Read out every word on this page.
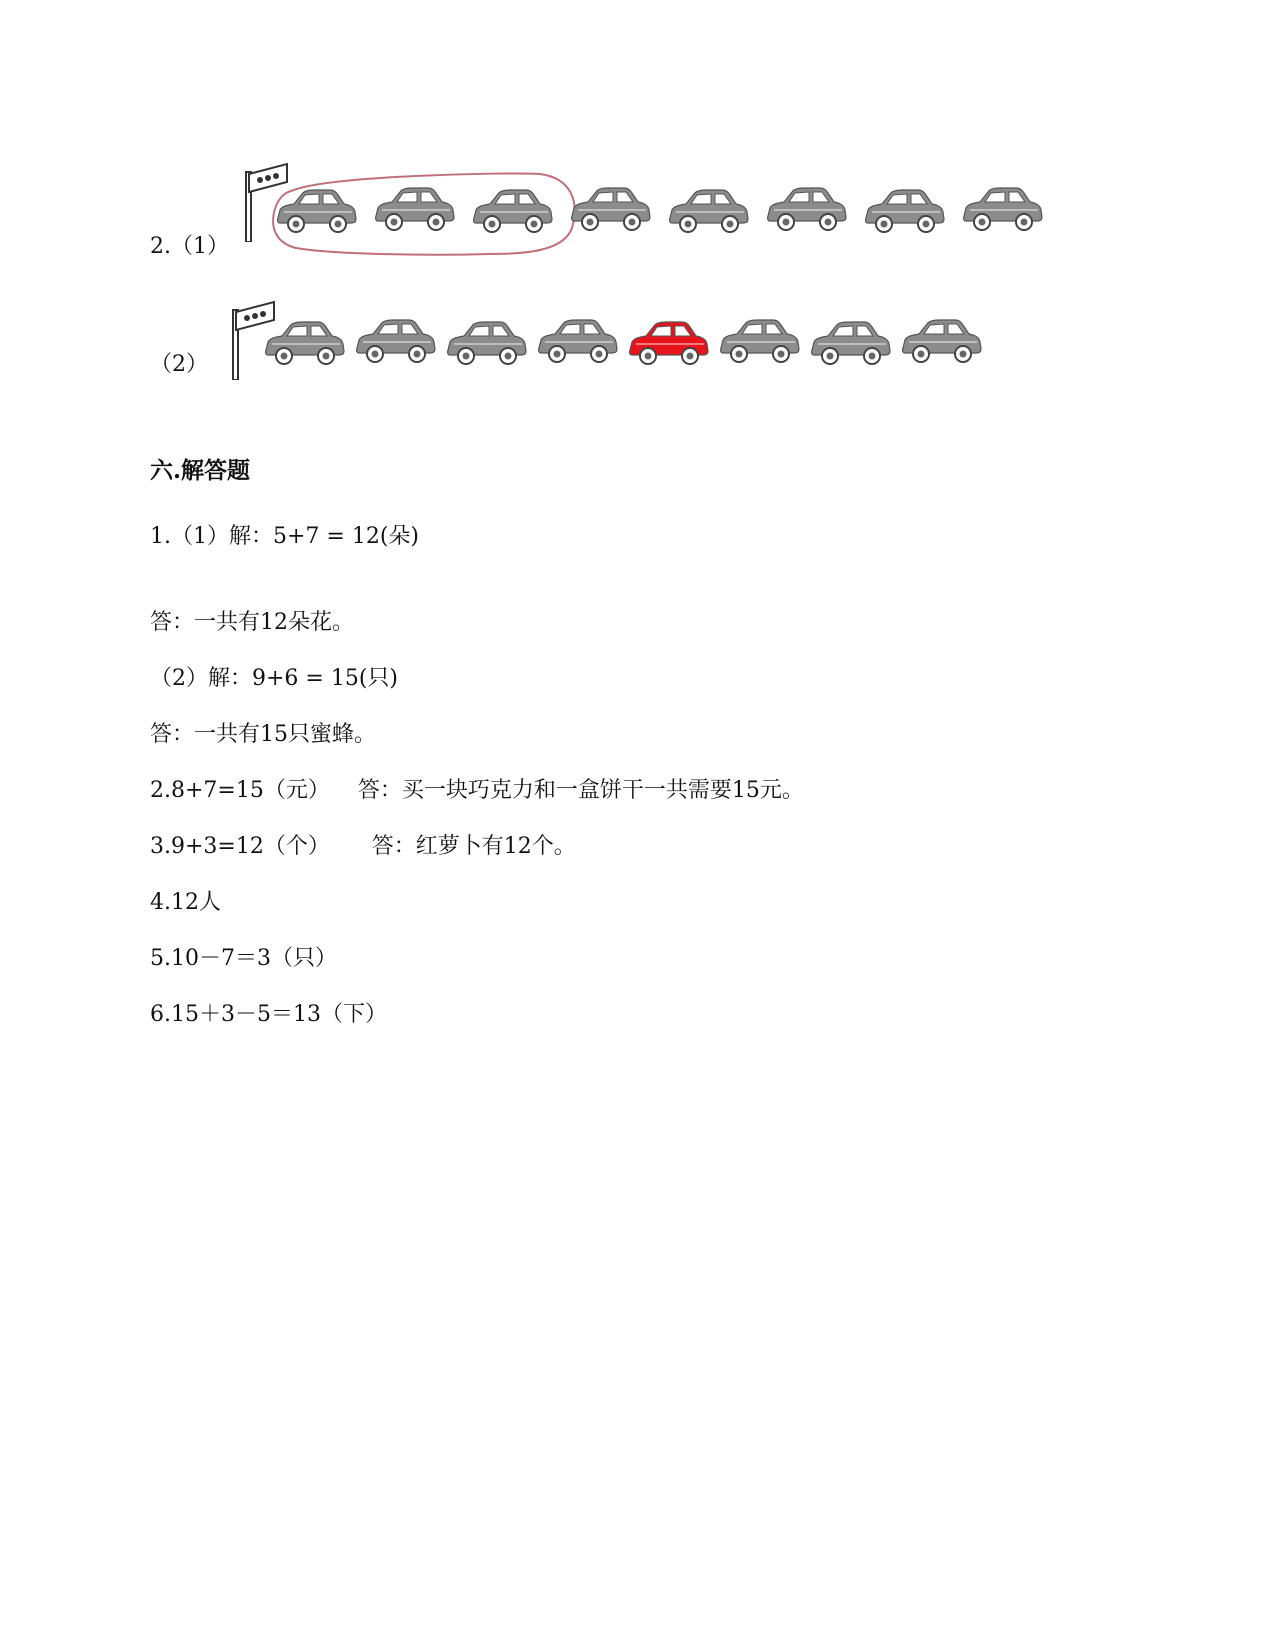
2.（1）

（2）

六.解答题

1.（1）解：5+7 = 12(朵)

答：一共有12朵花。

（2）解：9+6 = 15(只)

答：一共有15只蜜蜂。

2.8+7=15（元）    答：买一块巧克力和一盒饼干一共需要15元。

3.9+3=12（个）      答：红萝卜有12个。

4.12人

5.10－7＝3（只）

6.15＋3－5＝13（下）
